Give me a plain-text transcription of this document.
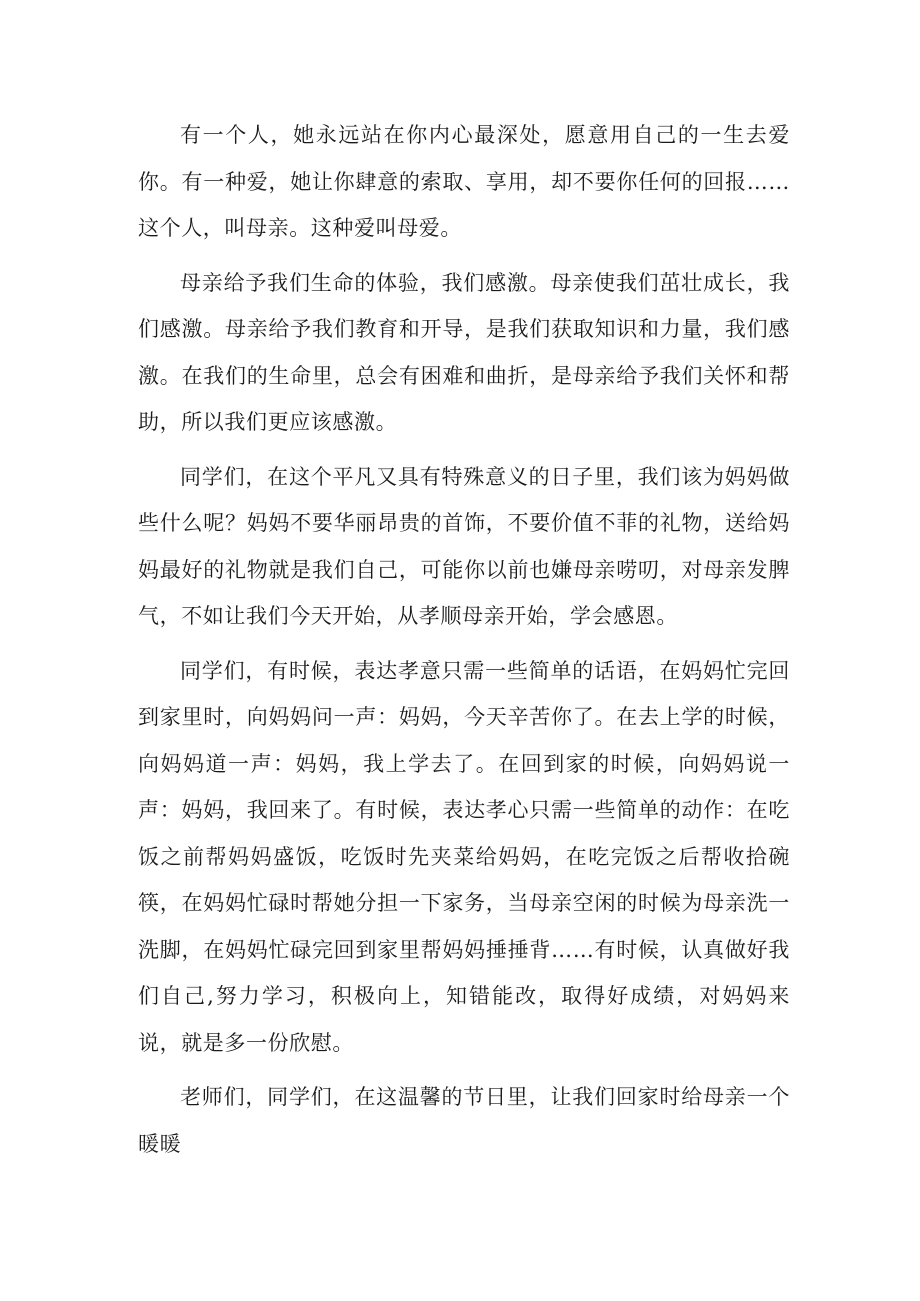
有一个人，她永远站在你内心最深处，愿意用自己的一生去爱你。有一种爱，她让你肆意的索取、享用，却不要你任何的回报……这个人，叫母亲。这种爱叫母爱。

母亲给予我们生命的体验，我们感激。母亲使我们茁壮成长，我们感激。母亲给予我们教育和开导，是我们获取知识和力量，我们感激。在我们的生命里，总会有困难和曲折，是母亲给予我们关怀和帮助，所以我们更应该感激。

同学们，在这个平凡又具有特殊意义的日子里，我们该为妈妈做些什么呢？妈妈不要华丽昂贵的首饰，不要价值不菲的礼物，送给妈妈最好的礼物就是我们自己，可能你以前也嫌母亲唠叨，对母亲发脾气，不如让我们今天开始，从孝顺母亲开始，学会感恩。

同学们，有时候，表达孝意只需一些简单的话语，在妈妈忙完回到家里时，向妈妈问一声：妈妈，今天辛苦你了。在去上学的时候，向妈妈道一声：妈妈，我上学去了。在回到家的时候，向妈妈说一声：妈妈，我回来了。有时候，表达孝心只需一些简单的动作：在吃饭之前帮妈妈盛饭，吃饭时先夹菜给妈妈，在吃完饭之后帮收拾碗筷，在妈妈忙碌时帮她分担一下家务，当母亲空闲的时候为母亲洗一洗脚，在妈妈忙碌完回到家里帮妈妈捶捶背……有时候，认真做好我们自己,努力学习，积极向上，知错能改，取得好成绩，对妈妈来说，就是多一份欣慰。

老师们，同学们，在这温馨的节日里，让我们回家时给母亲一个暖暖
